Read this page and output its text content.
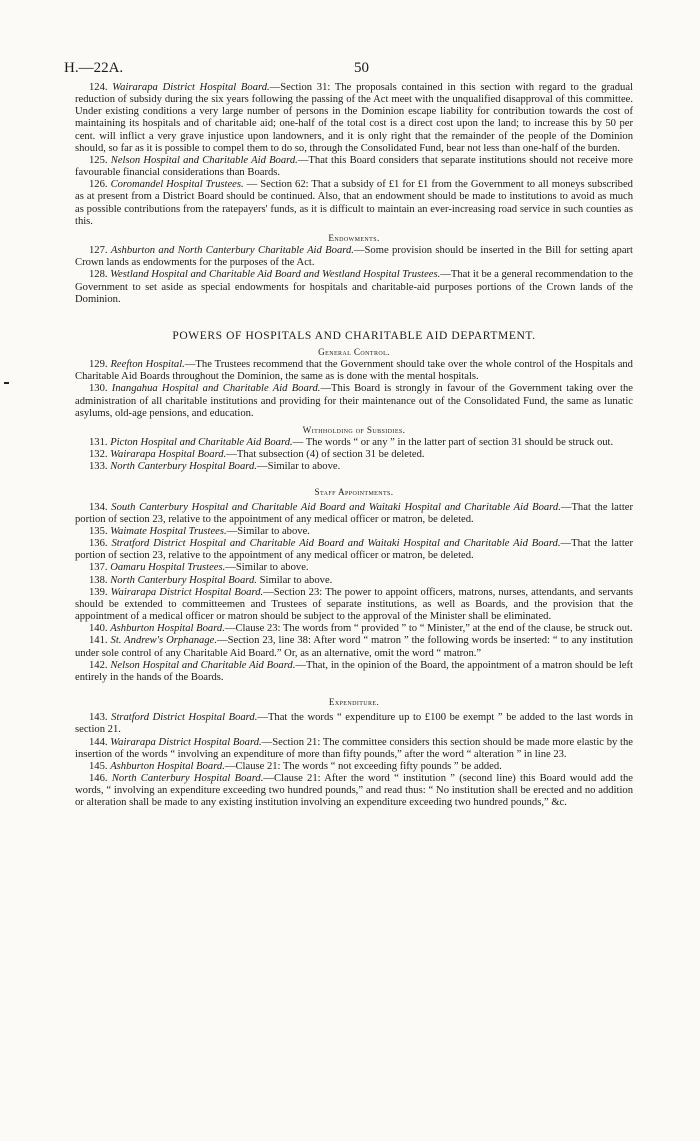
H.—22A.	50

124. Wairarapa District Hospital Board.—Section 31: The proposals contained in this section with regard to the gradual reduction of subsidy during the six years following the passing of the Act meet with the unqualified disapproval of this committee. Under existing conditions a very large number of persons in the Dominion escape liability for contribution towards the cost of maintaining its hospitals and of charitable aid; one-half of the total cost is a direct cost upon the land; to increase this by 50 per cent. will inflict a very grave injustice upon landowners, and it is only right that the remainder of the people of the Dominion should, so far as it is possible to compel them to do so, through the Consolidated Fund, bear not less than one-half of the burden.

125. Nelson Hospital and Charitable Aid Board.—That this Board considers that separate institutions should not receive more favourable financial considerations than Boards.

126. Coromandel Hospital Trustees. — Section 62: That a subsidy of £1 for £1 from the Government to all moneys subscribed as at present from a District Board should be continued. Also, that an endowment should be made to institutions to avoid as much as possible contributions from the ratepayers' funds, as it is difficult to maintain an ever-increasing road service in such counties as this.

Endowments.

127. Ashburton and North Canterbury Charitable Aid Board.—Some provision should be inserted in the Bill for setting apart Crown lands as endowments for the purposes of the Act.

128. Westland Hospital and Charitable Aid Board and Westland Hospital Trustees.—That it be a general recommendation to the Government to set aside as special endowments for hospitals and charitable-aid purposes portions of the Crown lands of the Dominion.

POWERS OF HOSPITALS AND CHARITABLE AID DEPARTMENT.
General Control.

129. Reefton Hospital.—The Trustees recommend that the Government should take over the whole control of the Hospitals and Charitable Aid Boards throughout the Dominion, the same as is done with the mental hospitals.

130. Inangahua Hospital and Charitable Aid Board.—This Board is strongly in favour of the Government taking over the administration of all charitable institutions and providing for their maintenance out of the Consolidated Fund, the same as lunatic asylums, old-age pensions, and education.

Withholding of Subsidies.

131. Picton Hospital and Charitable Aid Board.— The words “ or any ” in the latter part of section 31 should be struck out.

132. Wairarapa Hospital Board.—That subsection (4) of section 31 be deleted.

133. North Canterbury Hospital Board.—Similar to above.

Staff Appointments.

134. South Canterbury Hospital and Charitable Aid Board and Waitaki Hospital and Charitable Aid Board.—That the latter portion of section 23, relative to the appointment of any medical officer or matron, be deleted.

135. Waimate Hospital Trustees.—Similar to above.

136. Stratford District Hospital and Charitable Aid Board and Waitaki Hospital and Charitable Aid Board.—That the latter portion of section 23, relative to the appointment of any medical officer or matron, be deleted.

137. Oamaru Hospital Trustees.—Similar to above.

138. North Canterbury Hospital Board. Similar to above.

139. Wairarapa District Hospital Board.—Section 23: The power to appoint officers, matrons, nurses, attendants, and servants should be extended to committeemen and Trustees of separate institutions, as well as Boards, and the provision that the appointment of a medical officer or matron should be subject to the approval of the Minister shall be eliminated.

140. Ashburton Hospital Board.—Clause 23: The words from “ provided ” to “ Minister,” at the end of the clause, be struck out.

141. St. Andrew's Orphanage.—Section 23, line 38: After word “ matron ” the following words be inserted: “ to any institution under sole control of any Charitable Aid Board.” Or, as an alternative, omit the word “ matron.”

142. Nelson Hospital and Charitable Aid Board.—That, in the opinion of the Board, the appointment of a matron should be left entirely in the hands of the Boards.

Expenditure.

143. Stratford District Hospital Board.—That the words “ expenditure up to £100 be exempt ” be added to the last words in section 21.

144. Wairarapa District Hospital Board.—Section 21: The committee considers this section should be made more elastic by the insertion of the words “ involving an expenditure of more than fifty pounds,” after the word “ alteration ” in line 23.

145. Ashburton Hospital Board.—Clause 21: The words “ not exceeding fifty pounds ” be added.

146. North Canterbury Hospital Board.—Clause 21: After the word “ institution ” (second line) this Board would add the words, “ involving an expenditure exceeding two hundred pounds,” and read thus: “ No institution shall be erected and no addition or alteration shall be made to any existing institution involving an expenditure exceeding two hundred pounds,” &c.
